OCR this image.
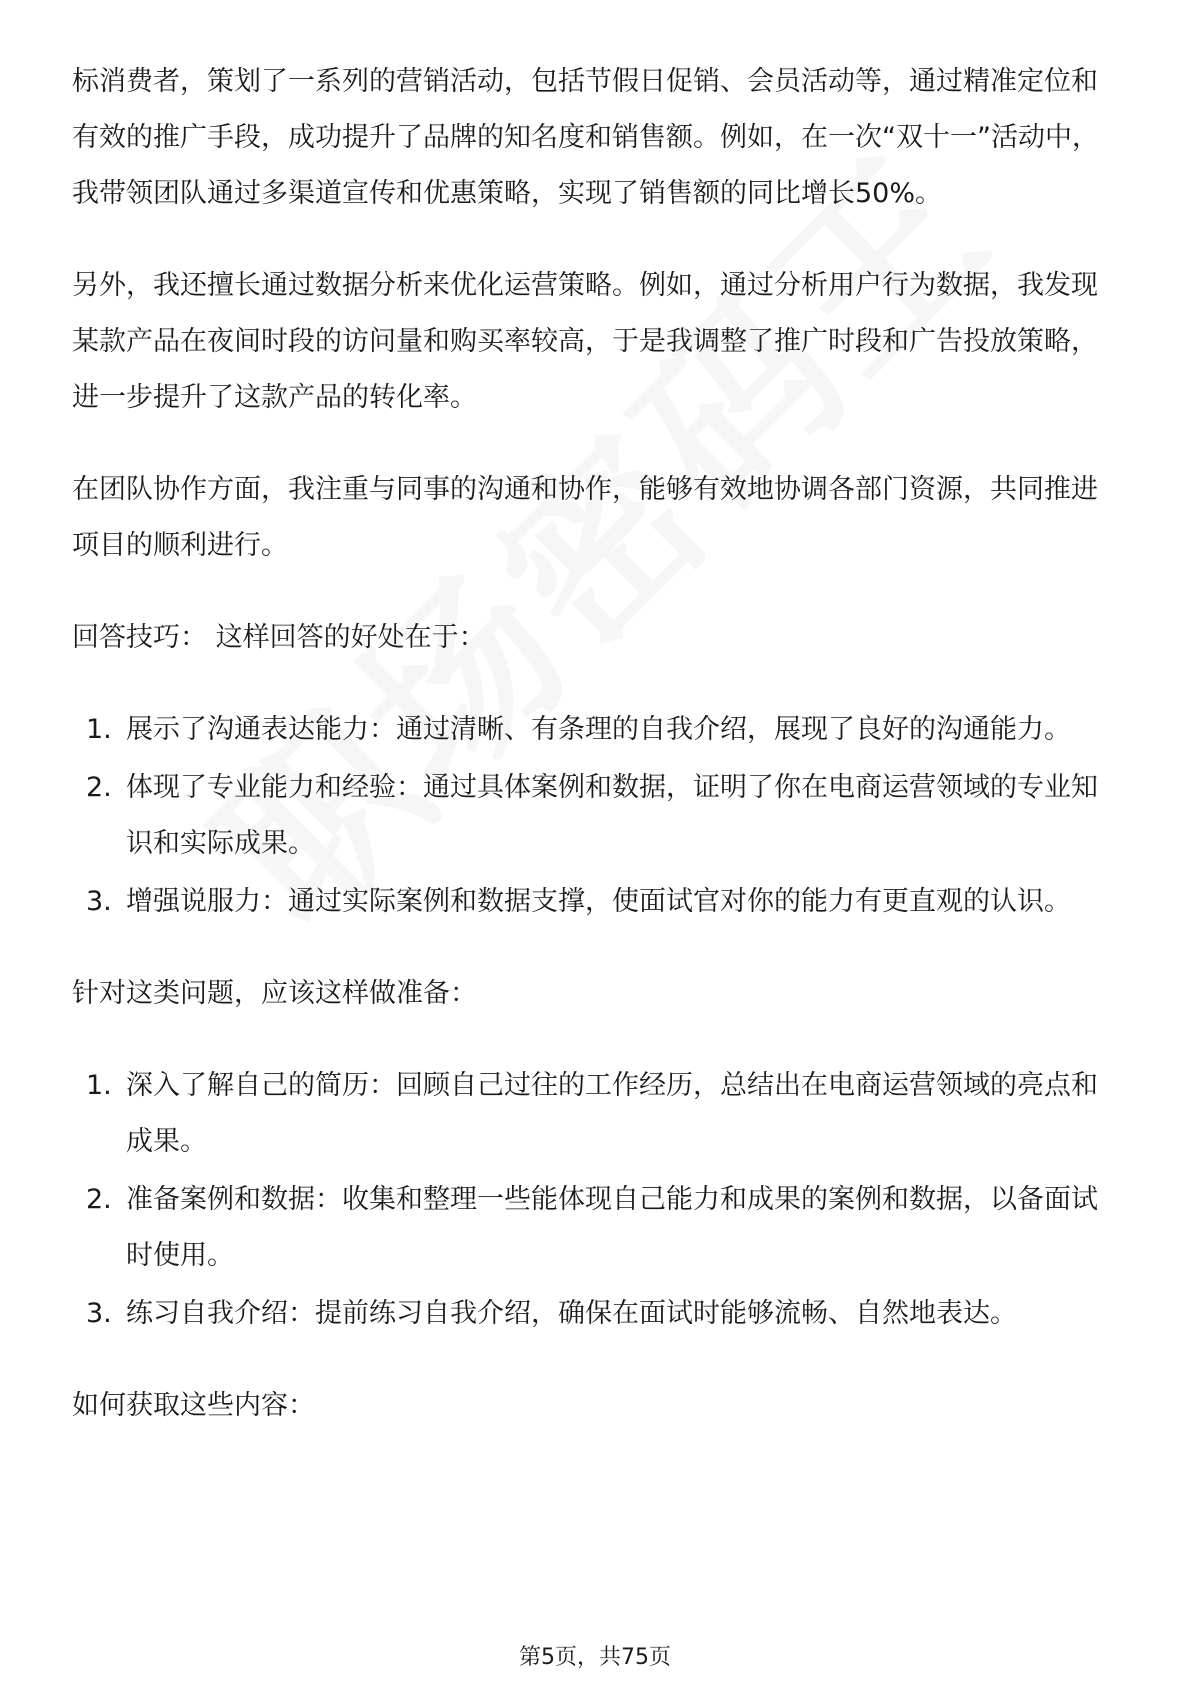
标消费者，策划了一系列的营销活动，包括节假日促销、会员活动等，通过精准定位和有效的推广手段，成功提升了品牌的知名度和销售额。例如，在一次“双十一”活动中，我带领团队通过多渠道宣传和优惠策略，实现了销售额的同比增长50%。

另外，我还擅长通过数据分析来优化运营策略。例如，通过分析用户行为数据，我发现某款产品在夜间时段的访问量和购买率较高，于是我调整了推广时段和广告投放策略，进一步提升了这款产品的转化率。

在团队协作方面，我注重与同事的沟通和协作，能够有效地协调各部门资源，共同推进项目的顺利进行。

回答技巧： 这样回答的好处在于：

1. 展示了沟通表达能力：通过清晰、有条理的自我介绍，展现了良好的沟通能力。
2. 体现了专业能力和经验：通过具体案例和数据，证明了你在电商运营领域的专业知识和实际成果。
3. 增强说服力：通过实际案例和数据支撑，使面试官对你的能力有更直观的认识。

针对这类问题，应该这样做准备：

1. 深入了解自己的简历：回顾自己过往的工作经历，总结出在电商运营领域的亮点和成果。
2. 准备案例和数据：收集和整理一些能体现自己能力和成果的案例和数据，以备面试时使用。
3. 练习自我介绍：提前练习自我介绍，确保在面试时能够流畅、自然地表达。

如何获取这些内容：

第5页，共75页
